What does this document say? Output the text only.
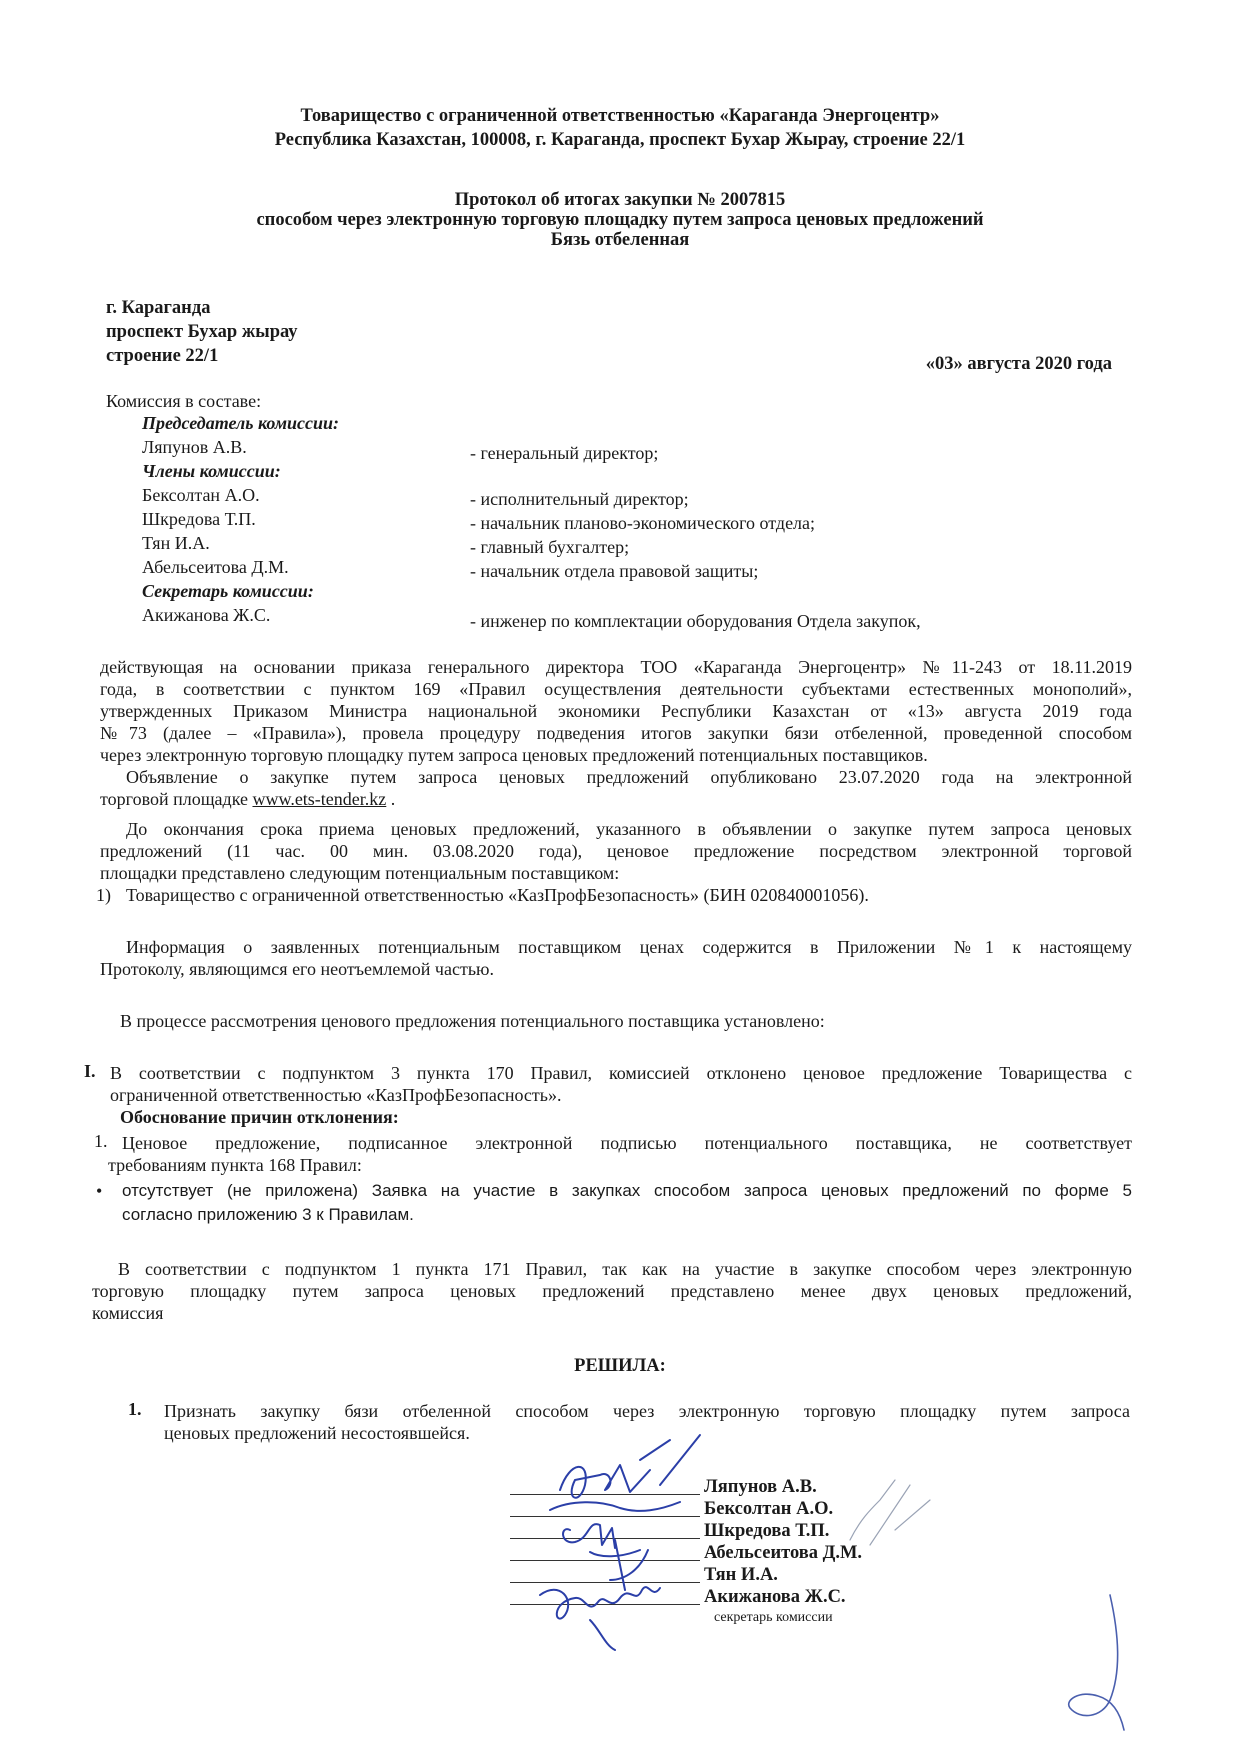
Товарищество с ограниченной ответственностью «Караганда Энергоцентр»
Республика Казахстан, 100008, г. Караганда, проспект Бухар Жырау, строение 22/1
Протокол об итогах закупки № 2007815
способом через электронную торговую площадку путем запроса ценовых предложений
Бязь отбеленная
г. Караганда
проспект Бухар жырау
строение 22/1	«03» августа 2020 года
Комиссия в составе:
Председатель комиссии:
Ляпунов А.В.	- генеральный директор;
Члены комиссии:
Бексолтан А.О.	- исполнительный директор;
Шкредова Т.П.	- начальник планово-экономического отдела;
Тян И.А.	- главный бухгалтер;
Абельсеитова Д.М.	- начальник отдела правовой защиты;
Секретарь комиссии:
Акижанова Ж.С.	- инженер по комплектации оборудования Отдела закупок,
действующая на основании приказа генерального директора ТОО «Караганда Энергоцентр» №11-243 от 18.11.2019
года, в соответствии с пунктом 169 «Правил осуществления деятельности субъектами естественных монополий»,
утвержденных Приказом Министра национальной экономики Республики Казахстан от «13» августа 2019 года
№73 (далее – «Правила»), провела процедуру подведения итогов закупки бязи отбеленной, проведенной способом
через электронную торговую площадку путем запроса ценовых предложений потенциальных поставщиков.
Объявление о закупке путем запроса ценовых предложений опубликовано 23.07.2020 года на электронной
торговой площадке www.ets-tender.kz .
До окончания срока приема ценовых предложений, указанного в объявлении о закупке путем запроса ценовых
предложений (11 час. 00 мин. 03.08.2020 года), ценовое предложение посредством электронной торговой
площадки представлено следующим потенциальным поставщиком:
1) Товарищество с ограниченной ответственностью «КазПрофБезопасность» (БИН 020840001056).
Информация о заявленных потенциальным поставщиком ценах содержится в Приложении №1 к настоящему
Протоколу, являющимся его неотъемлемой частью.
В процессе рассмотрения ценового предложения потенциального поставщика установлено:
I. В соответствии с подпунктом 3 пункта 170 Правил, комиссией отклонено ценовое предложение Товарищества с
ограниченной ответственностью «КазПрофБезопасность».
Обоснование причин отклонения:
1. Ценовое предложение, подписанное электронной подписью потенциального поставщика, не соответствует
требованиям пункта 168 Правил:
• отсутствует (не приложена) Заявка на участие в закупках способом запроса ценовых предложений по форме 5
согласно приложению 3 к Правилам.
В соответствии с подпунктом 1 пункта 171 Правил, так как на участие в закупке способом через электронную
торговую площадку путем запроса ценовых предложений представлено менее двух ценовых предложений,
комиссия
РЕШИЛА:
1. Признать закупку бязи отбеленной способом через электронную торговую площадку путем запроса
ценовых предложений несостоявшейся.
Ляпунов А.В.
Бексолтан А.О.
Шкредова Т.П.
Абельсеитова Д.М.
Тян И.А.
Акижанова Ж.С.
секретарь комиссии
